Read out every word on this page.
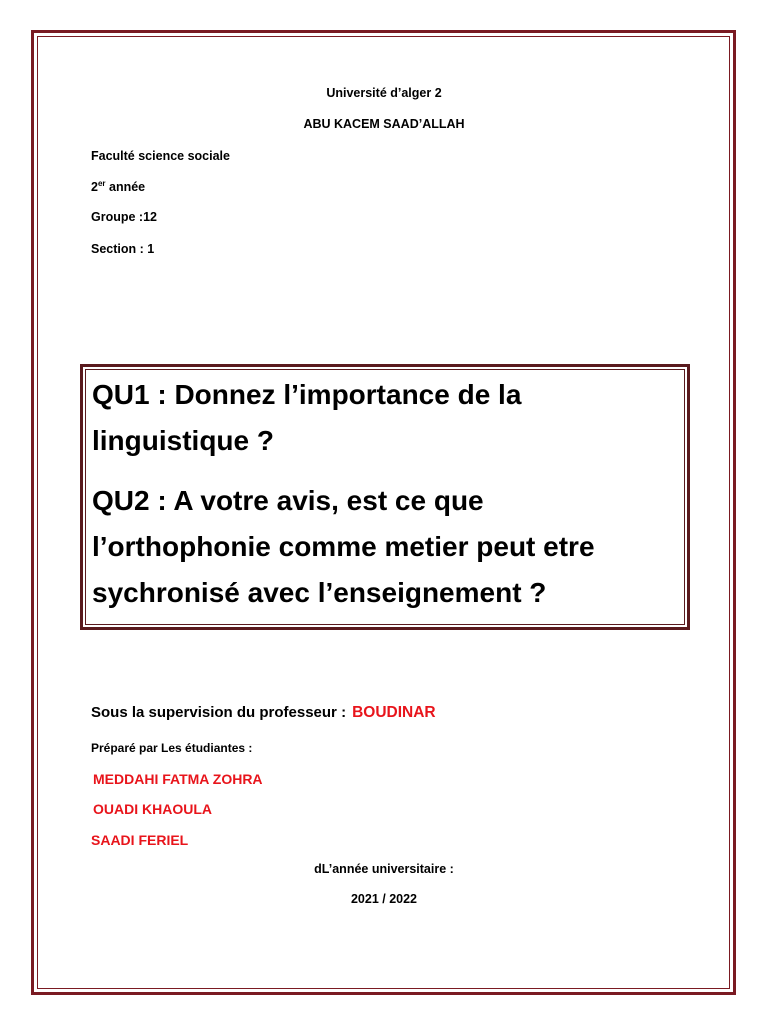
Université d’alger 2
ABU KACEM SAAD’ALLAH
Faculté science sociale
2er année
Groupe :12
Section : 1
QU1 : Donnez l’importance de la
linguistique ?
QU2 : A votre avis, est ce que
l’orthophonie comme metier peut etre
sychronisé avec l’enseignement ?
Sous la supervision du professeur : BOUDINAR
Préparé par Les étudiantes :
MEDDAHI FATMA ZOHRA
OUADI KHAOULA
SAADI FERIEL
dL’année universitaire :
2021 / 2022
